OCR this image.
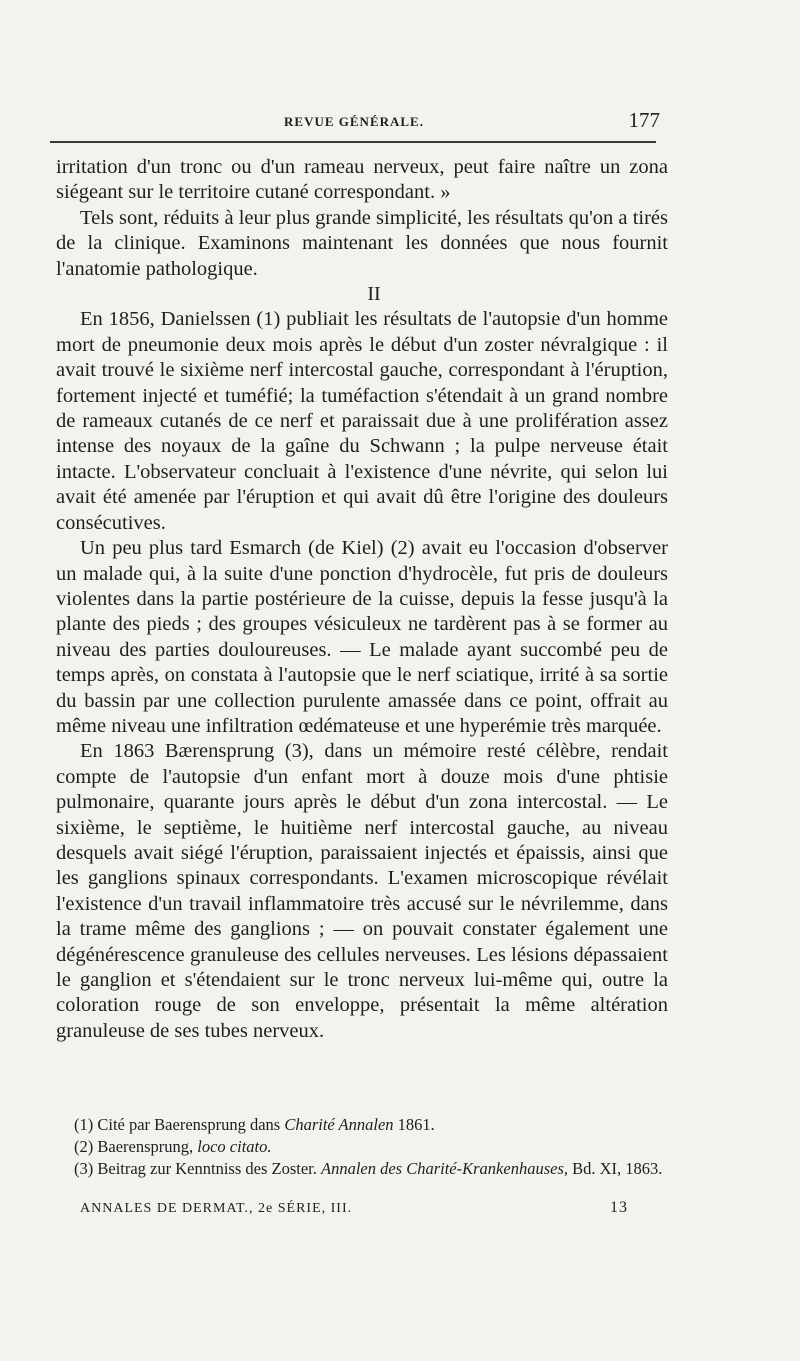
REVUE GÉNÉRALE.	177

irritation d'un tronc ou d'un rameau nerveux, peut faire naître un zona siégeant sur le territoire cutané correspondant. »

Tels sont, réduits à leur plus grande simplicité, les résultats qu'on a tirés de la clinique. Examinons maintenant les données que nous fournit l'anatomie pathologique.

II

En 1856, Danielssen (1) publiait les résultats de l'autopsie d'un homme mort de pneumonie deux mois après le début d'un zoster névralgique : il avait trouvé le sixième nerf intercostal gauche, correspondant à l'éruption, fortement injecté et tuméfié; la tuméfaction s'étendait à un grand nombre de rameaux cutanés de ce nerf et paraissait due à une prolifération assez intense des noyaux de la gaîne du Schwann ; la pulpe nerveuse était intacte. L'observateur concluait à l'existence d'une névrite, qui selon lui avait été amenée par l'éruption et qui avait dû être l'origine des douleurs consécutives.

Un peu plus tard Esmarch (de Kiel) (2) avait eu l'occasion d'observer un malade qui, à la suite d'une ponction d'hydrocèle, fut pris de douleurs violentes dans la partie postérieure de la cuisse, depuis la fesse jusqu'à la plante des pieds ; des groupes vésiculeux ne tardèrent pas à se former au niveau des parties douloureuses. — Le malade ayant succombé peu de temps après, on constata à l'autopsie que le nerf sciatique, irrité à sa sortie du bassin par une collection purulente amassée dans ce point, offrait au même niveau une infiltration œdémateuse et une hyperémie très marquée.

En 1863 Bærensprung (3), dans un mémoire resté célèbre, rendait compte de l'autopsie d'un enfant mort à douze mois d'une phtisie pulmonaire, quarante jours après le début d'un zona intercostal. — Le sixième, le septième, le huitième nerf intercostal gauche, au niveau desquels avait siégé l'éruption, paraissaient injectés et épaissis, ainsi que les ganglions spinaux correspondants. L'examen microscopique révélait l'existence d'un travail inflammatoire très accusé sur le névrilemme, dans la trame même des ganglions ; — on pouvait constater également une dégénérescence granuleuse des cellules nerveuses. Les lésions dépassaient le ganglion et s'étendaient sur le tronc nerveux lui-même qui, outre la coloration rouge de son enveloppe, présentait la même altération granuleuse de ses tubes nerveux.

(1) Cité par Baerensprung dans Charité Annalen 1861.

(2) Baerensprung, loco citato.

(3) Beitrag zur Kenntniss des Zoster. Annalen des Charité-Krankenhauses, Bd. XI, 1863.

ANNALES DE DERMAT., 2e SÉRIE, III.	13
